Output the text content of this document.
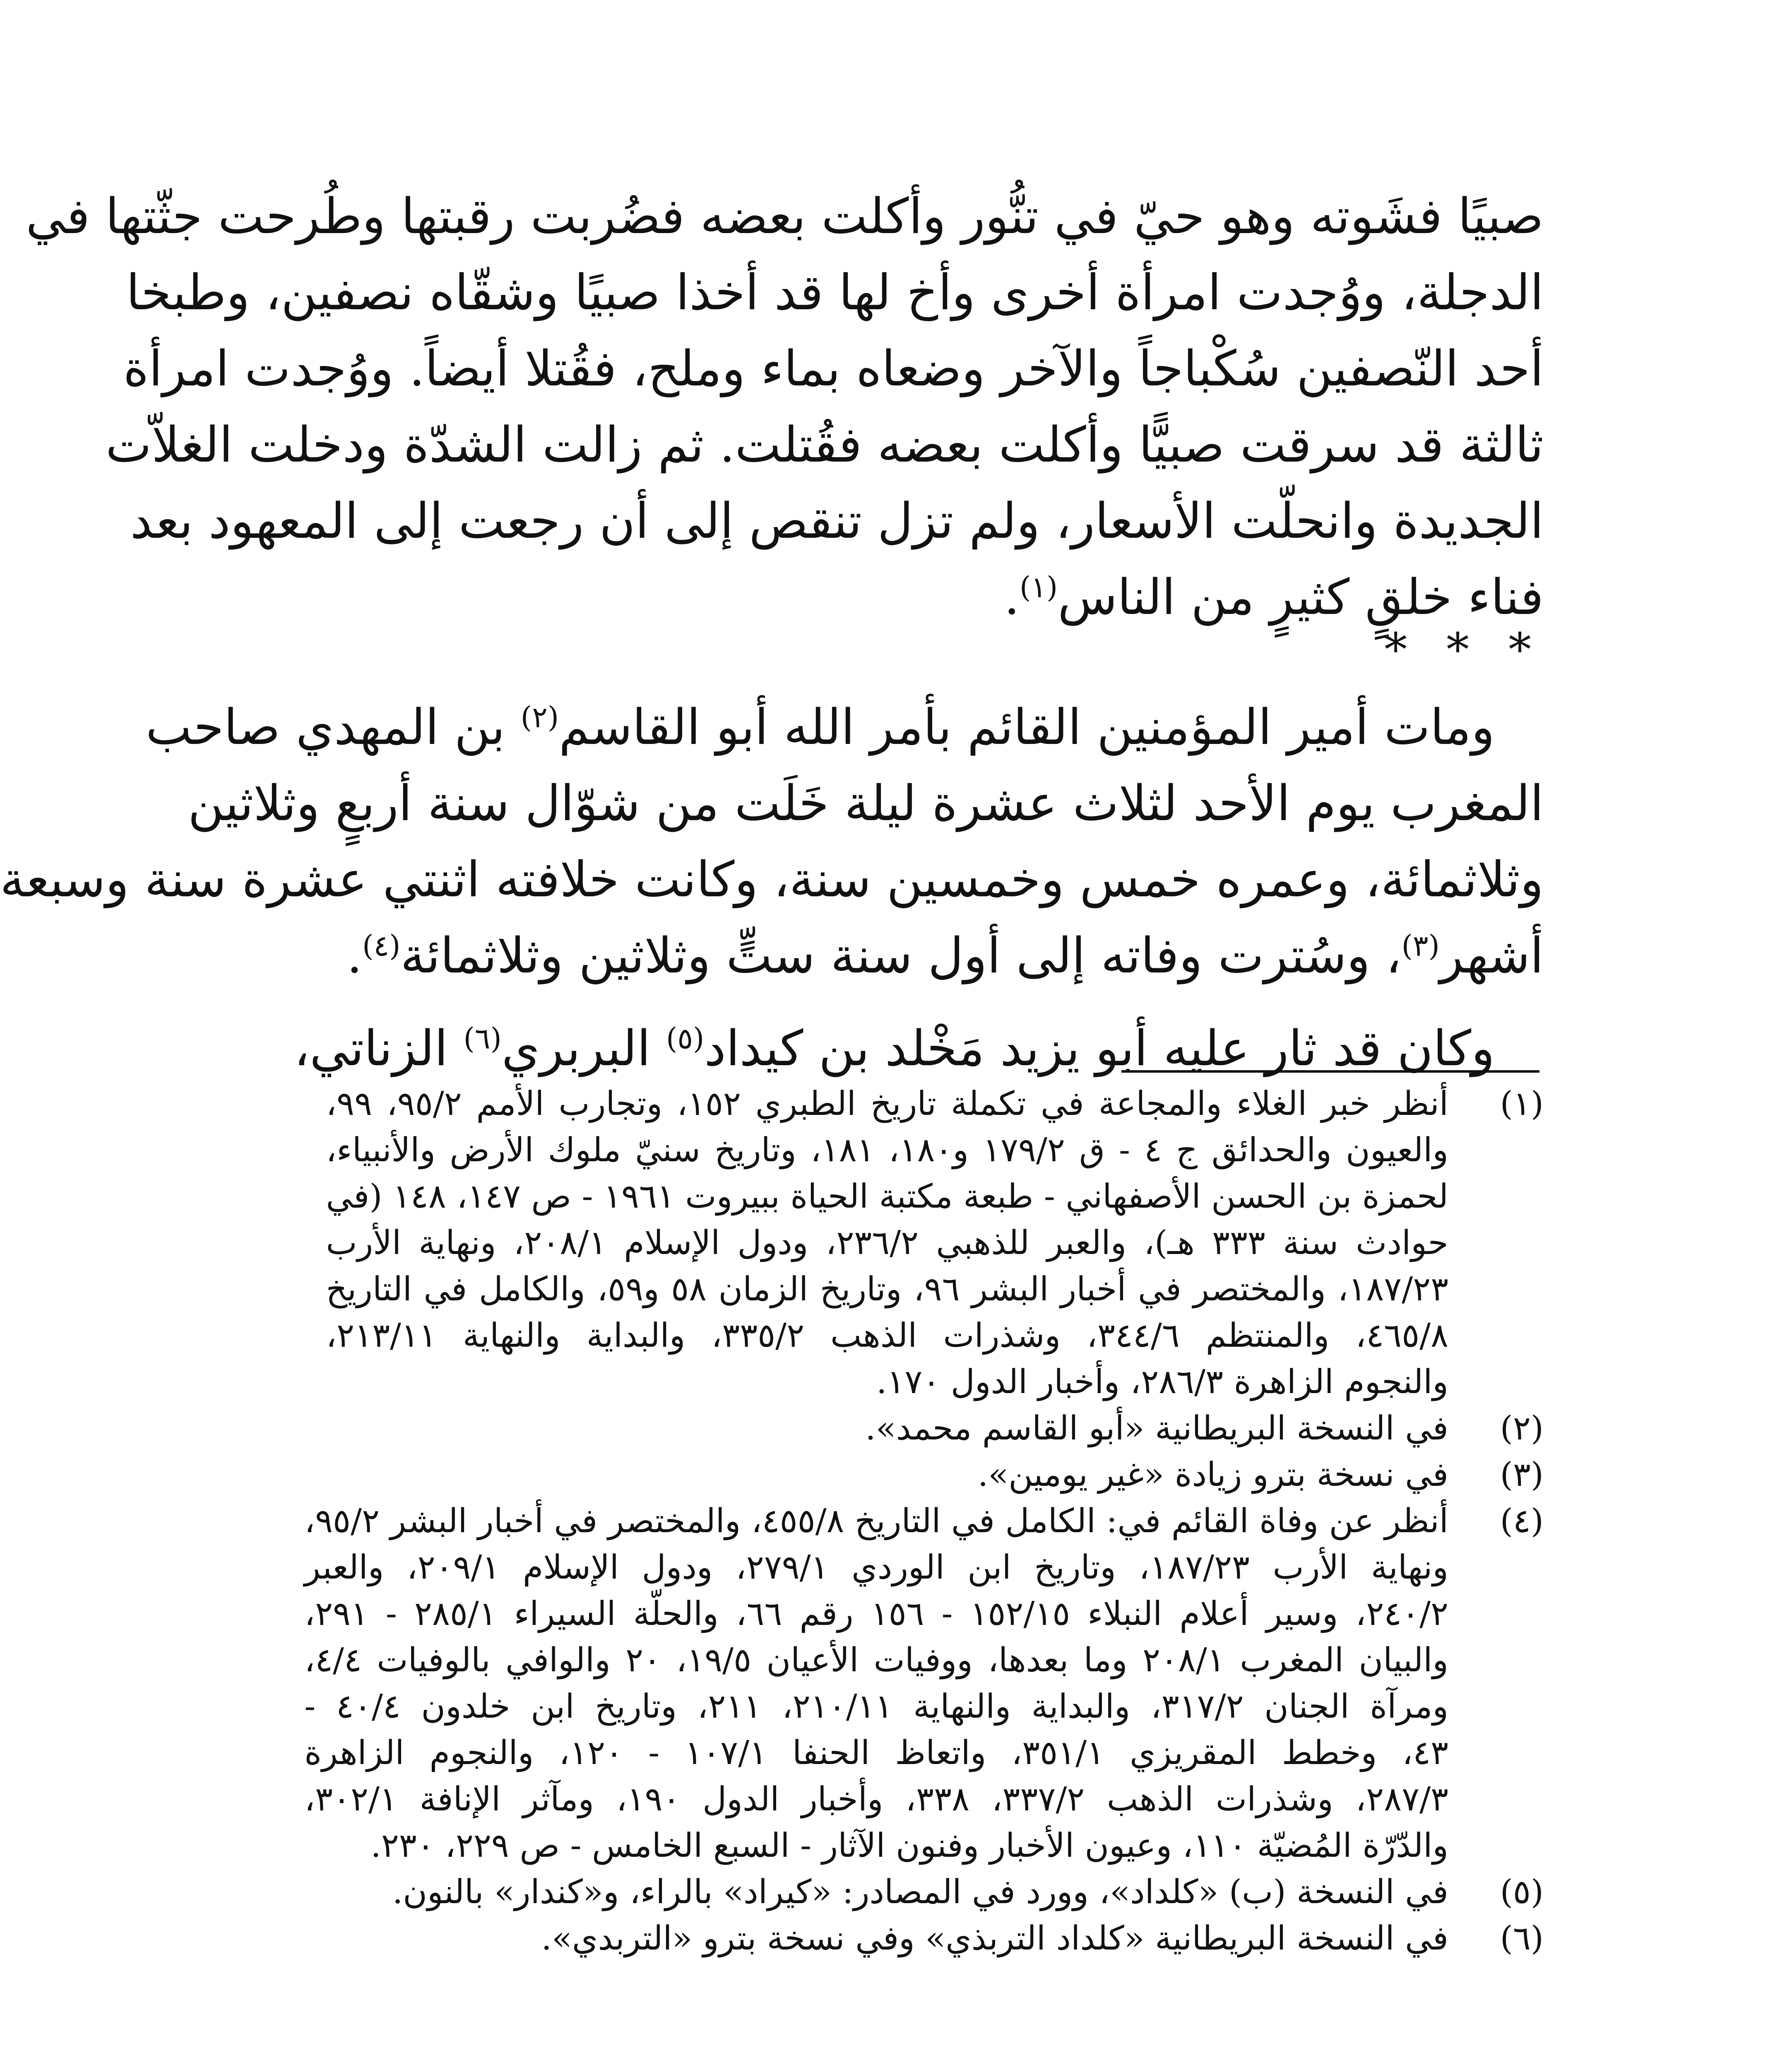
صبيًا فشَوته وهو حيّ في تنُّور وأكلت بعضه فضُربت رقبتها وطُرحت جثّتها في

الدجلة، ووُجدت امرأة أخرى وأخ لها قد أخذا صبيًا وشقّاه نصفين، وطبخا

أحد النّصفين سُكْباجاً والآخر وضعاه بماء وملح، فقُتلا أيضاً. ووُجدت امرأة

ثالثة قد سرقت صبيًّا وأكلت بعضه فقُتلت. ثم زالت الشدّة ودخلت الغلاّت

الجديدة وانحلّت الأسعار، ولم تزل تنقص إلى أن رجعت إلى المعهود بعد

فناء خلقٍ كثيرٍ من الناس$^{(١)}$.

* * *

 ومات أمير المؤمنين القائم بأمر الله أبو القاسم$^{(٢)}$ بن المهدي صاحب

المغرب يوم الأحد لثلاث عشرة ليلة خَلَت من شوّال سنة أربعٍ وثلاثين

وثلاثمائة، وعمره خمس وخمسين سنة، وكانت خلافته اثنتي عشرة سنة وسبعة

أشهر$^{(٣)}$، وسُترت وفاته إلى أول سنة ستٍّ وثلاثين وثلاثمائة$^{(٤)}$.

 وكان قد ثار عليه أبو يزيد مَخْلد بن كيداد$^{(٥)}$ البربري$^{(٦)}$ الزناتي،

(١)

أنظر خبر الغلاء والمجاعة في تكملة تاريخ الطبري ١٥٢، وتجارب الأمم ٩٥/٢، ٩٩،

والعيون والحدائق ج ٤ - ق ١٧٩/٢ و١٨٠، ١٨١، وتاريخ سنيّ ملوك الأرض والأنبياء،

لحمزة بن الحسن الأصفهاني - طبعة مكتبة الحياة ببيروت ١٩٦١ - ص ١٤٧، ١٤٨ (في

حوادث سنة ٣٣٣ هـ)، والعبر للذهبي ٢٣٦/٢، ودول الإسلام ٢٠٨/١، ونهاية الأرب

١٨٧/٢٣، والمختصر في أخبار البشر ٩٦، وتاريخ الزمان ٥٨ و٥٩، والكامل في التاريخ

٤٦٥/٨، والمنتظم ٣٤٤/٦، وشذرات الذهب ٣٣٥/٢، والبداية والنهاية ٢١٣/١١،

والنجوم الزاهرة ٢٨٦/٣، وأخبار الدول ١٧٠.

(٢)

في النسخة البريطانية «أبو القاسم محمد».

(٣)

في نسخة بترو زيادة «غير يومين».

(٤)

أنظر عن وفاة القائم في: الكامل في التاريخ ٤٥٥/٨، والمختصر في أخبار البشر ٩٥/٢،

ونهاية الأرب ١٨٧/٢٣، وتاريخ ابن الوردي ٢٧٩/١، ودول الإسلام ٢٠٩/١، والعبر

٢٤٠/٢، وسير أعلام النبلاء ١٥٢/١٥ - ١٥٦ رقم ٦٦، والحلّة السيراء ٢٨٥/١ - ٢٩١،

والبيان المغرب ٢٠٨/١ وما بعدها، ووفيات الأعيان ١٩/٥، ٢٠ والوافي بالوفيات ٤/٤،

ومرآة الجنان ٣١٧/٢، والبداية والنهاية ٢١٠/١١، ٢١١، وتاريخ ابن خلدون ٤٠/٤ -

٤٣، وخطط المقريزي ٣٥١/١، واتعاظ الحنفا ١٠٧/١ - ١٢٠، والنجوم الزاهرة

٢٨٧/٣، وشذرات الذهب ٣٣٧/٢، ٣٣٨، وأخبار الدول ١٩٠، ومآثر الإنافة ٣٠٢/١،

والدّرّة المُضيّة ١١٠، وعيون الأخبار وفنون الآثار - السبع الخامس - ص ٢٢٩، ٢٣٠.

(٥)

في النسخة (ب) «كلداد»، وورد في المصادر: «كيراد» بالراء، و«كندار» بالنون.

(٦)

في النسخة البريطانية «كلداد التربذي» وفي نسخة بترو «التربدي».
